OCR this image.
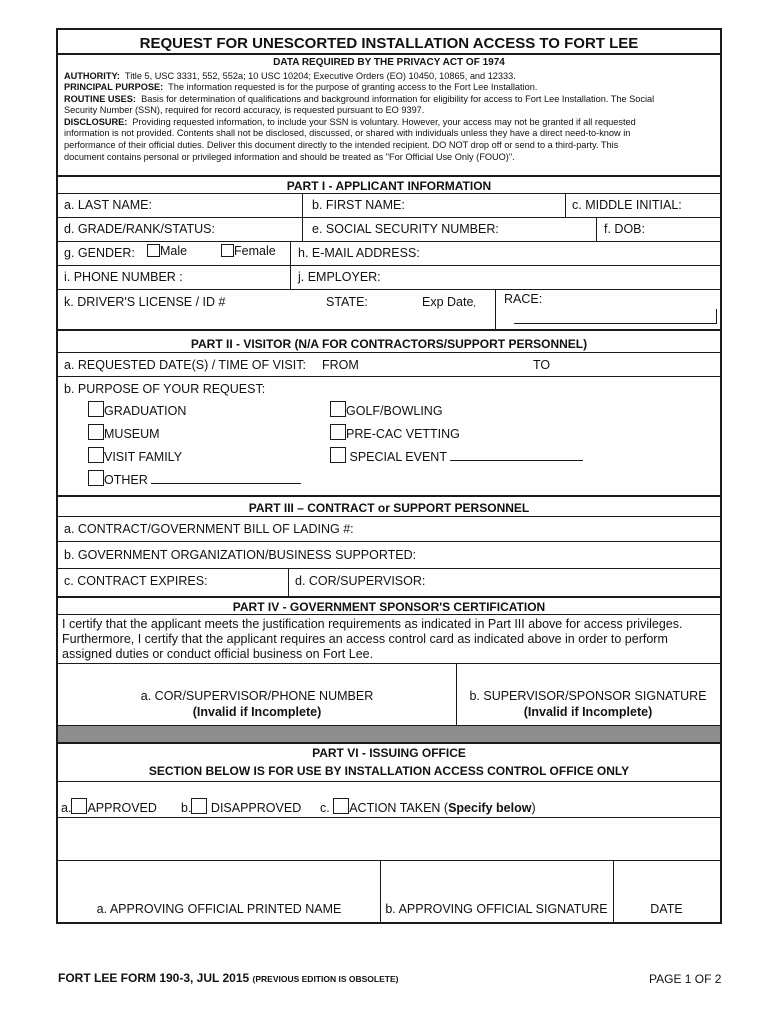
REQUEST FOR UNESCORTED INSTALLATION ACCESS TO FORT LEE
DATA REQUIRED BY THE PRIVACY ACT OF 1974
AUTHORITY: Title 5, USC 3331, 552, 552a; 10 USC 10204; Executive Orders (EO) 10450, 10865, and 12333.
PRINCIPAL PURPOSE: The information requested is for the purpose of granting access to the Fort Lee Installation.
ROUTINE USES: Basis for determination of qualifications and background information for eligibility for access to Fort Lee Installation. The Social
Security Number (SSN), required for record accuracy, is requested pursuant to EO 9397.
DISCLOSURE: Providing requested information, to include your SSN is voluntary. However, your access may not be granted if all requested
information is not provided. Contents shall not be disclosed, discussed, or shared with individuals unless they have a direct need-to-know in
performance of their official duties. Deliver this document directly to the intended recipient. DO NOT drop off or send to a third-party. This
document contains personal or privileged information and should be treated as "For Official Use Only (FOUO)".
PART I - APPLICANT INFORMATION
a. LAST NAME:	b. FIRST NAME:	c. MIDDLE INITIAL:
d. GRADE/RANK/STATUS:	e. SOCIAL SECURITY NUMBER:	f. DOB:
g. GENDER:	Male	Female h. E-MAIL ADDRESS:
i. PHONE NUMBER :	j. EMPLOYER:
k. DRIVER'S LICENSE / ID #	STATE:	Exp Date, RACE:
PART II - VISITOR (N/A FOR CONTRACTORS/SUPPORT PERSONNEL)
a. REQUESTED DATE(S) / TIME OF VISIT: FROM	TO
b. PURPOSE OF YOUR REQUEST:
GRADUATION
MUSEUM
VISIT FAMILY
OTHER
GOLF/BOWLING
PRE-CAC VETTING
SPECIAL EVENT
PART III – CONTRACT or SUPPORT PERSONNEL
a. CONTRACT/GOVERNMENT BILL OF LADING #:
b. GOVERNMENT ORGANIZATION/BUSINESS SUPPORTED:
c. CONTRACT EXPIRES:	d. COR/SUPERVISOR:
PART IV - GOVERNMENT SPONSOR'S CERTIFICATION
I certify that the applicant meets the justification requirements as indicated in Part III above for access privileges.
Furthermore, I certify that the applicant requires an access control card as indicated above in order to perform
assigned duties or conduct official business on Fort Lee.
a. COR/SUPERVISOR/PHONE NUMBER
(Invalid if Incomplete)
b. SUPERVISOR/SPONSOR SIGNATURE
(Invalid if Incomplete)
PART VI - ISSUING OFFICE
SECTION BELOW IS FOR USE BY INSTALLATION ACCESS CONTROL OFFICE ONLY
a. APPROVED b. DISAPPROVED c. ACTION TAKEN (Specify below)
a. APPROVING OFFICIAL PRINTED NAME	b. APPROVING OFFICIAL SIGNATURE	DATE
FORT LEE FORM 190-3, JUL 2015 (PREVIOUS EDITION IS OBSOLETE)	PAGE 1 OF 2
